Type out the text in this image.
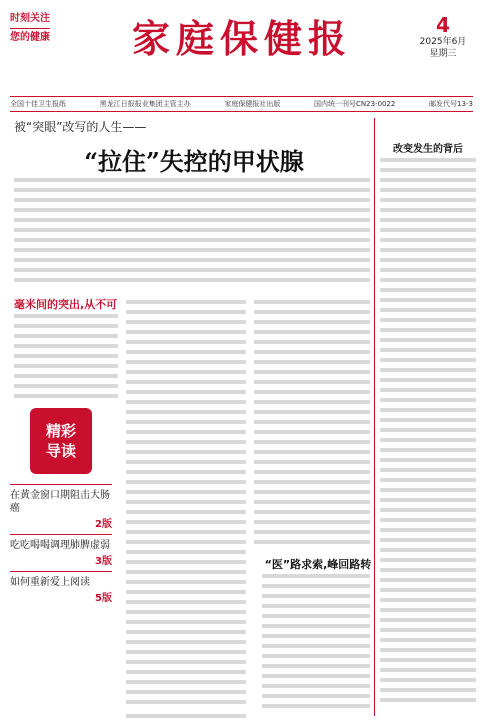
时刻关注
您的健康	家庭保健报	4
2025年6月
星期三
全国十佳卫生报纸	黑龙江日报报业集团主管主办	家庭保健报社出版	国内统一刊号CN23-0022	邮发代号13-3
被“突眼”改写的人生——
“拉住”失控的甲状腺	改变发生的背后
毫米间的突出,从不可
精彩
导读
在黄金窗口期阻击大肠癌
2版
吃吃喝喝调理肺脾虚弱
3版
如何重新爱上阅读
5版
“医”路求索,峰回路转
